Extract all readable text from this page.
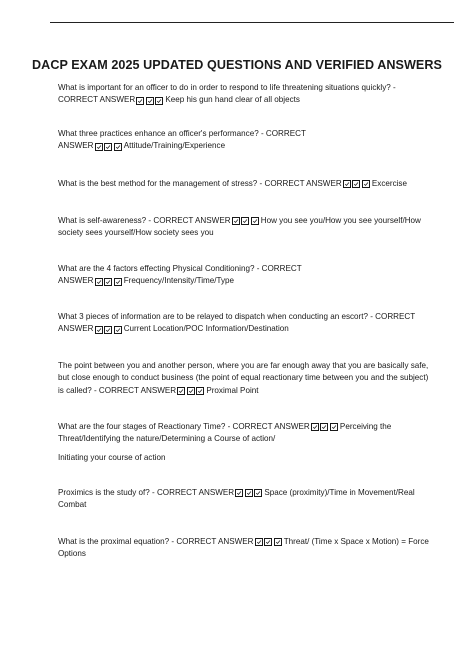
DACP EXAM 2025 UPDATED QUESTIONS AND VERIFIED ANSWERS
What is important for an officer to do in order to respond to life threatening situations quickly? -
CORRECT ANSWER	Keep his gun hand clear of all objects
What three practices enhance an officer's performance? - CORRECT
ANSWER	Attitude/Training/Experience
What is the best method for the management of stress? - CORRECT ANSWER	Excercise
What is self-awareness? - CORRECT ANSWER	How you see you/How you see yourself/How
society sees yourself/How society sees you
What are the 4 factors effecting Physical Conditioning? - CORRECT
ANSWER	Frequency/Intensity/Time/Type
What 3 pieces of information are to be relayed to dispatch when conducting an escort? - CORRECT
ANSWER	Current Location/POC Information/Destination
The point between you and another person, where you are far enough away that you are basically safe,
but close enough to conduct business (the point of equal reactionary time between you and the subject)
is called? - CORRECT ANSWER	Proximal Point
What are the four stages of Reactionary Time? - CORRECT ANSWER	Perceiving the
Threat/Identifying the nature/Determining a Course of action/
Initiating your course of action
Proximics is the study of? - CORRECT ANSWER	Space (proximity)/Time in Movement/Real
Combat
What is the proximal equation? - CORRECT ANSWER	Threat/ (Time x Space x Motion) = Force
Options
